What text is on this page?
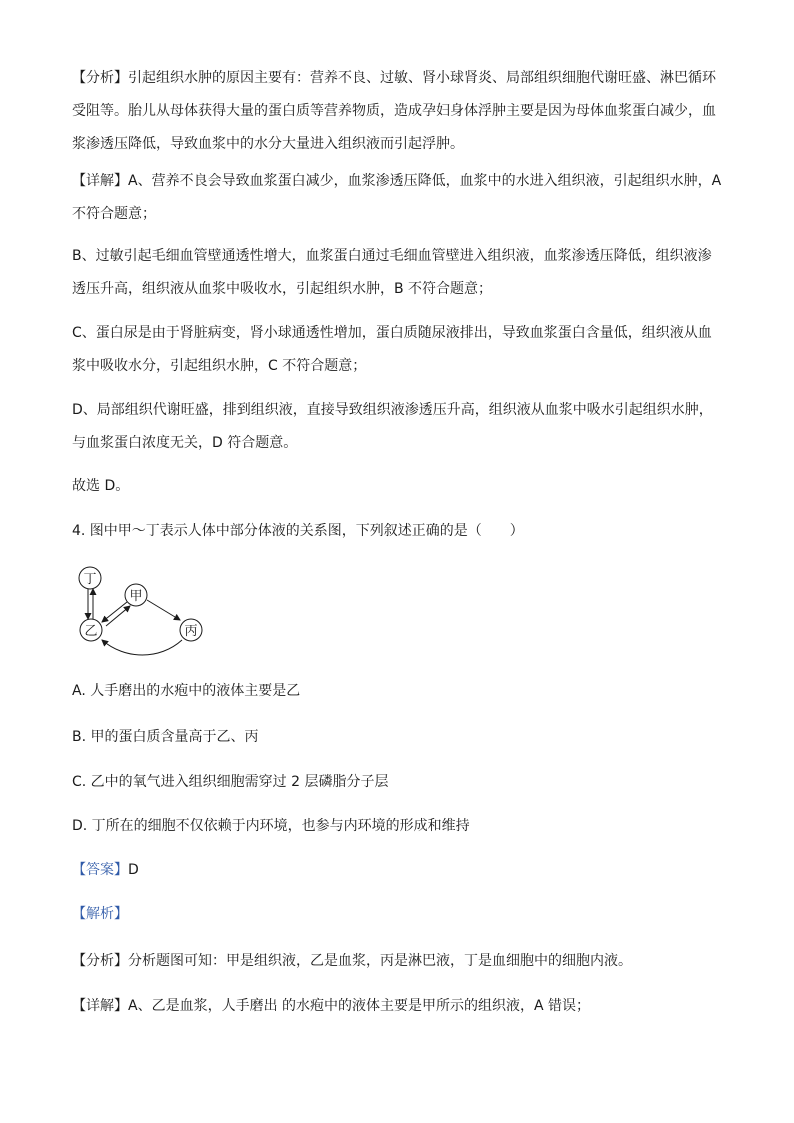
【分析】引起组织水肿的原因主要有：营养不良、过敏、肾小球肾炎、局部组织细胞代谢旺盛、淋巴循环受阻等。胎儿从母体获得大量的蛋白质等营养物质，造成孕妇身体浮肿主要是因为母体血浆蛋白减少，血浆渗透压降低，导致血浆中的水分大量进入组织液而引起浮肿。

【详解】A、营养不良会导致血浆蛋白减少，血浆渗透压降低，血浆中的水进入组织液，引起组织水肿，A不符合题意；

B、过敏引起毛细血管壁通透性增大，血浆蛋白通过毛细血管壁进入组织液，血浆渗透压降低，组织液渗透压升高，组织液从血浆中吸收水，引起组织水肿，B 不符合题意；

C、蛋白尿是由于肾脏病变，肾小球通透性增加，蛋白质随尿液排出，导致血浆蛋白含量低，组织液从血浆中吸收水分，引起组织水肿，C 不符合题意；

D、局部组织代谢旺盛，排到组织液，直接导致组织液渗透压升高，组织液从血浆中吸水引起组织水肿，与血浆蛋白浓度无关，D 符合题意。

故选 D。

4. 图中甲～丁表示人体中部分体液的关系图，下列叙述正确的是（　　）

丁
甲
乙	丙

A. 人手磨出的水疱中的液体主要是乙

B. 甲的蛋白质含量高于乙、丙

C. 乙中的氧气进入组织细胞需穿过 2 层磷脂分子层

D. 丁所在的细胞不仅依赖于内环境，也参与内环境的形成和维持

【答案】D

【解析】

【分析】分析题图可知：甲是组织液，乙是血浆，丙是淋巴液，丁是血细胞中的细胞内液。

【详解】A、乙是血浆，人手磨出 的水疱中的液体主要是甲所示的组织液，A 错误；
